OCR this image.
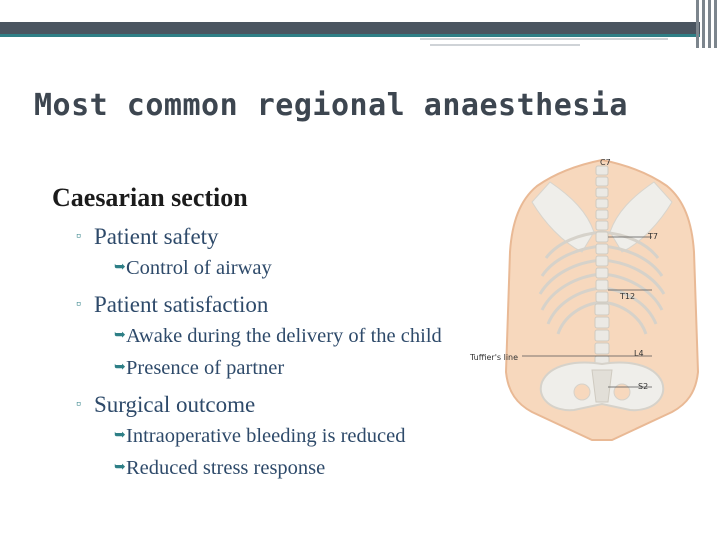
Most common regional anaesthesia
Caesarian section
▫ Patient safety
➥ Control of airway
▫ Patient satisfaction
➥ Awake during the delivery of the child
➥ Presence of partner
▫ Surgical outcome
➥ Intraoperative bleeding is reduced
➥ Reduced stress response
C7
T7
T12
L4
S2
Tuffier's line
